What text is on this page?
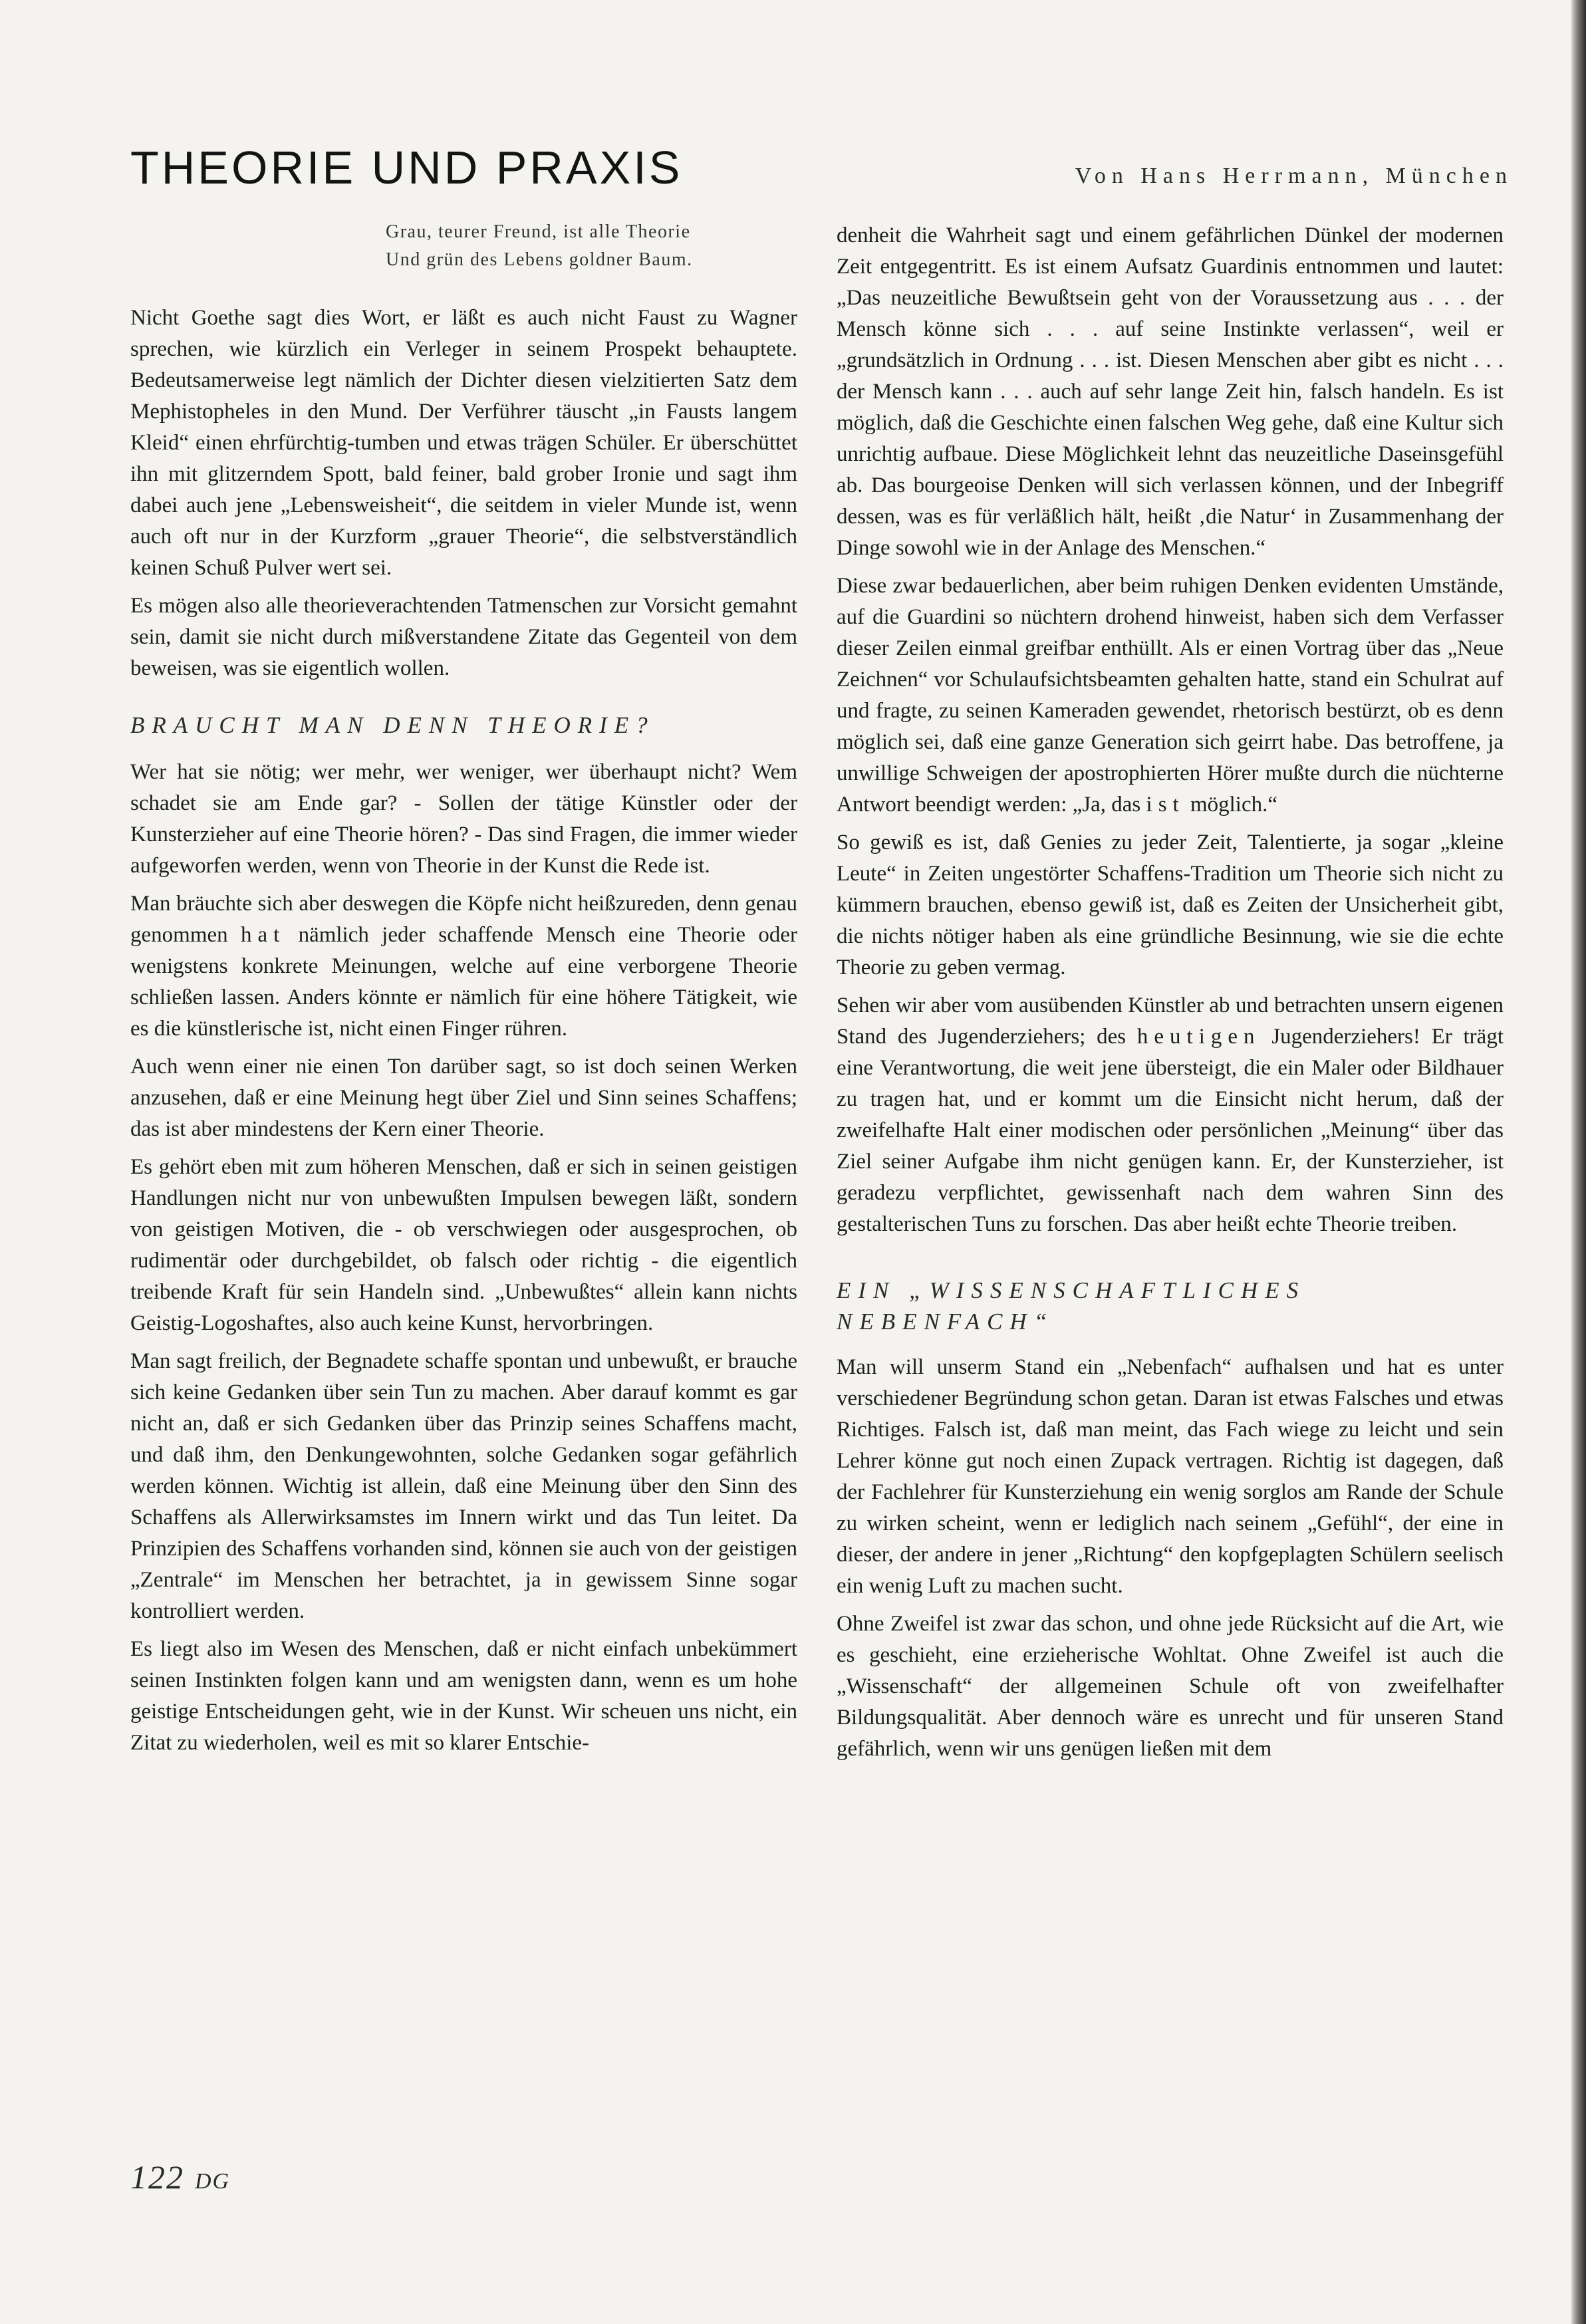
THEORIE UND PRAXIS	Von Hans Herrmann, München
Grau, teurer Freund, ist alle Theorie
Und grün des Lebens goldner Baum.

Nicht Goethe sagt dies Wort, er läßt es auch nicht Faust zu Wagner sprechen, wie kürzlich ein Verleger in seinem Prospekt behauptete. Bedeutsamerweise legt nämlich der Dichter diesen vielzitierten Satz dem Mephistopheles in den Mund. Der Verführer täuscht „in Fausts langem Kleid“ einen ehrfürchtig-tumben und etwas trägen Schüler. Er überschüttet ihn mit glitzerndem Spott, bald feiner, bald grober Ironie und sagt ihm dabei auch jene „Lebensweisheit“, die seitdem in vieler Munde ist, wenn auch oft nur in der Kurzform „grauer Theorie“, die selbstverständlich keinen Schuß Pulver wert sei.

Es mögen also alle theorieverachtenden Tatmenschen zur Vorsicht gemahnt sein, damit sie nicht durch mißverstandene Zitate das Gegenteil von dem beweisen, was sie eigentlich wollen.

BRAUCHT MAN DENN THEORIE?

Wer hat sie nötig; wer mehr, wer weniger, wer überhaupt nicht? Wem schadet sie am Ende gar? - Sollen der tätige Künstler oder der Kunsterzieher auf eine Theorie hören? - Das sind Fragen, die immer wieder aufgeworfen werden, wenn von Theorie in der Kunst die Rede ist.

Man bräuchte sich aber deswegen die Köpfe nicht heißzureden, denn genau genommen hat nämlich jeder schaffende Mensch eine Theorie oder wenigstens konkrete Meinungen, welche auf eine verborgene Theorie schließen lassen. Anders könnte er nämlich für eine höhere Tätigkeit, wie es die künstlerische ist, nicht einen Finger rühren.

Auch wenn einer nie einen Ton darüber sagt, so ist doch seinen Werken anzusehen, daß er eine Meinung hegt über Ziel und Sinn seines Schaffens; das ist aber mindestens der Kern einer Theorie.

Es gehört eben mit zum höheren Menschen, daß er sich in seinen geistigen Handlungen nicht nur von unbewußten Impulsen bewegen läßt, sondern von geistigen Motiven, die - ob verschwiegen oder ausgesprochen, ob rudimentär oder durchgebildet, ob falsch oder richtig - die eigentlich treibende Kraft für sein Handeln sind. „Unbewußtes“ allein kann nichts Geistig-Logoshaftes, also auch keine Kunst, hervorbringen.

Man sagt freilich, der Begnadete schaffe spontan und unbewußt, er brauche sich keine Gedanken über sein Tun zu machen. Aber darauf kommt es gar nicht an, daß er sich Gedanken über das Prinzip seines Schaffens macht, und daß ihm, den Denkungewohnten, solche Gedanken sogar gefährlich werden können. Wichtig ist allein, daß eine Meinung über den Sinn des Schaffens als Allerwirksamstes im Innern wirkt und das Tun leitet. Da Prinzipien des Schaffens vorhanden sind, können sie auch von der geistigen „Zentrale“ im Menschen her betrachtet, ja in gewissem Sinne sogar kontrolliert werden.

Es liegt also im Wesen des Menschen, daß er nicht einfach unbekümmert seinen Instinkten folgen kann und am wenigsten dann, wenn es um hohe geistige Entscheidungen geht, wie in der Kunst. Wir scheuen uns nicht, ein Zitat zu wiederholen, weil es mit so klarer Entschie-

denheit die Wahrheit sagt und einem gefährlichen Dünkel der modernen Zeit entgegentritt. Es ist einem Aufsatz Guardinis entnommen und lautet: „Das neuzeitliche Bewußtsein geht von der Voraussetzung aus . . . der Mensch könne sich . . . auf seine Instinkte verlassen“, weil er „grundsätzlich in Ordnung . . . ist. Diesen Menschen aber gibt es nicht . . . der Mensch kann . . . auch auf sehr lange Zeit hin, falsch handeln. Es ist möglich, daß die Geschichte einen falschen Weg gehe, daß eine Kultur sich unrichtig aufbaue. Diese Möglichkeit lehnt das neuzeitliche Daseinsgefühl ab. Das bourgeoise Denken will sich verlassen können, und der Inbegriff dessen, was es für verläßlich hält, heißt ‚die Natur‘ in Zusammenhang der Dinge sowohl wie in der Anlage des Menschen.“

Diese zwar bedauerlichen, aber beim ruhigen Denken evidenten Umstände, auf die Guardini so nüchtern drohend hinweist, haben sich dem Verfasser dieser Zeilen einmal greifbar enthüllt. Als er einen Vortrag über das „Neue Zeichnen“ vor Schulaufsichtsbeamten gehalten hatte, stand ein Schulrat auf und fragte, zu seinen Kameraden gewendet, rhetorisch bestürzt, ob es denn möglich sei, daß eine ganze Generation sich geirrt habe. Das betroffene, ja unwillige Schweigen der apostrophierten Hörer mußte durch die nüchterne Antwort beendigt werden: „Ja, das ist möglich.“

So gewiß es ist, daß Genies zu jeder Zeit, Talentierte, ja sogar „kleine Leute“ in Zeiten ungestörter Schaffens-Tradition um Theorie sich nicht zu kümmern brauchen, ebenso gewiß ist, daß es Zeiten der Unsicherheit gibt, die nichts nötiger haben als eine gründliche Besinnung, wie sie die echte Theorie zu geben vermag.

Sehen wir aber vom ausübenden Künstler ab und betrachten unsern eigenen Stand des Jugenderziehers; des heutigen Jugenderziehers! Er trägt eine Verantwortung, die weit jene übersteigt, die ein Maler oder Bildhauer zu tragen hat, und er kommt um die Einsicht nicht herum, daß der zweifelhafte Halt einer modischen oder persönlichen „Meinung“ über das Ziel seiner Aufgabe ihm nicht genügen kann. Er, der Kunsterzieher, ist geradezu verpflichtet, gewissenhaft nach dem wahren Sinn des gestalterischen Tuns zu forschen. Das aber heißt echte Theorie treiben.

EIN „WISSENSCHAFTLICHES NEBENFACH“

Man will unserm Stand ein „Nebenfach“ aufhalsen und hat es unter verschiedener Begründung schon getan. Daran ist etwas Falsches und etwas Richtiges. Falsch ist, daß man meint, das Fach wiege zu leicht und sein Lehrer könne gut noch einen Zupack vertragen. Richtig ist dagegen, daß der Fachlehrer für Kunsterziehung ein wenig sorglos am Rande der Schule zu wirken scheint, wenn er lediglich nach seinem „Gefühl“, der eine in dieser, der andere in jener „Richtung“ den kopfgeplagten Schülern seelisch ein wenig Luft zu machen sucht.

Ohne Zweifel ist zwar das schon, und ohne jede Rücksicht auf die Art, wie es geschieht, eine erzieherische Wohltat. Ohne Zweifel ist auch die „Wissenschaft“ der allgemeinen Schule oft von zweifelhafter Bildungsqualität. Aber dennoch wäre es unrecht und für unseren Stand gefährlich, wenn wir uns genügen ließen mit dem

122 DG
